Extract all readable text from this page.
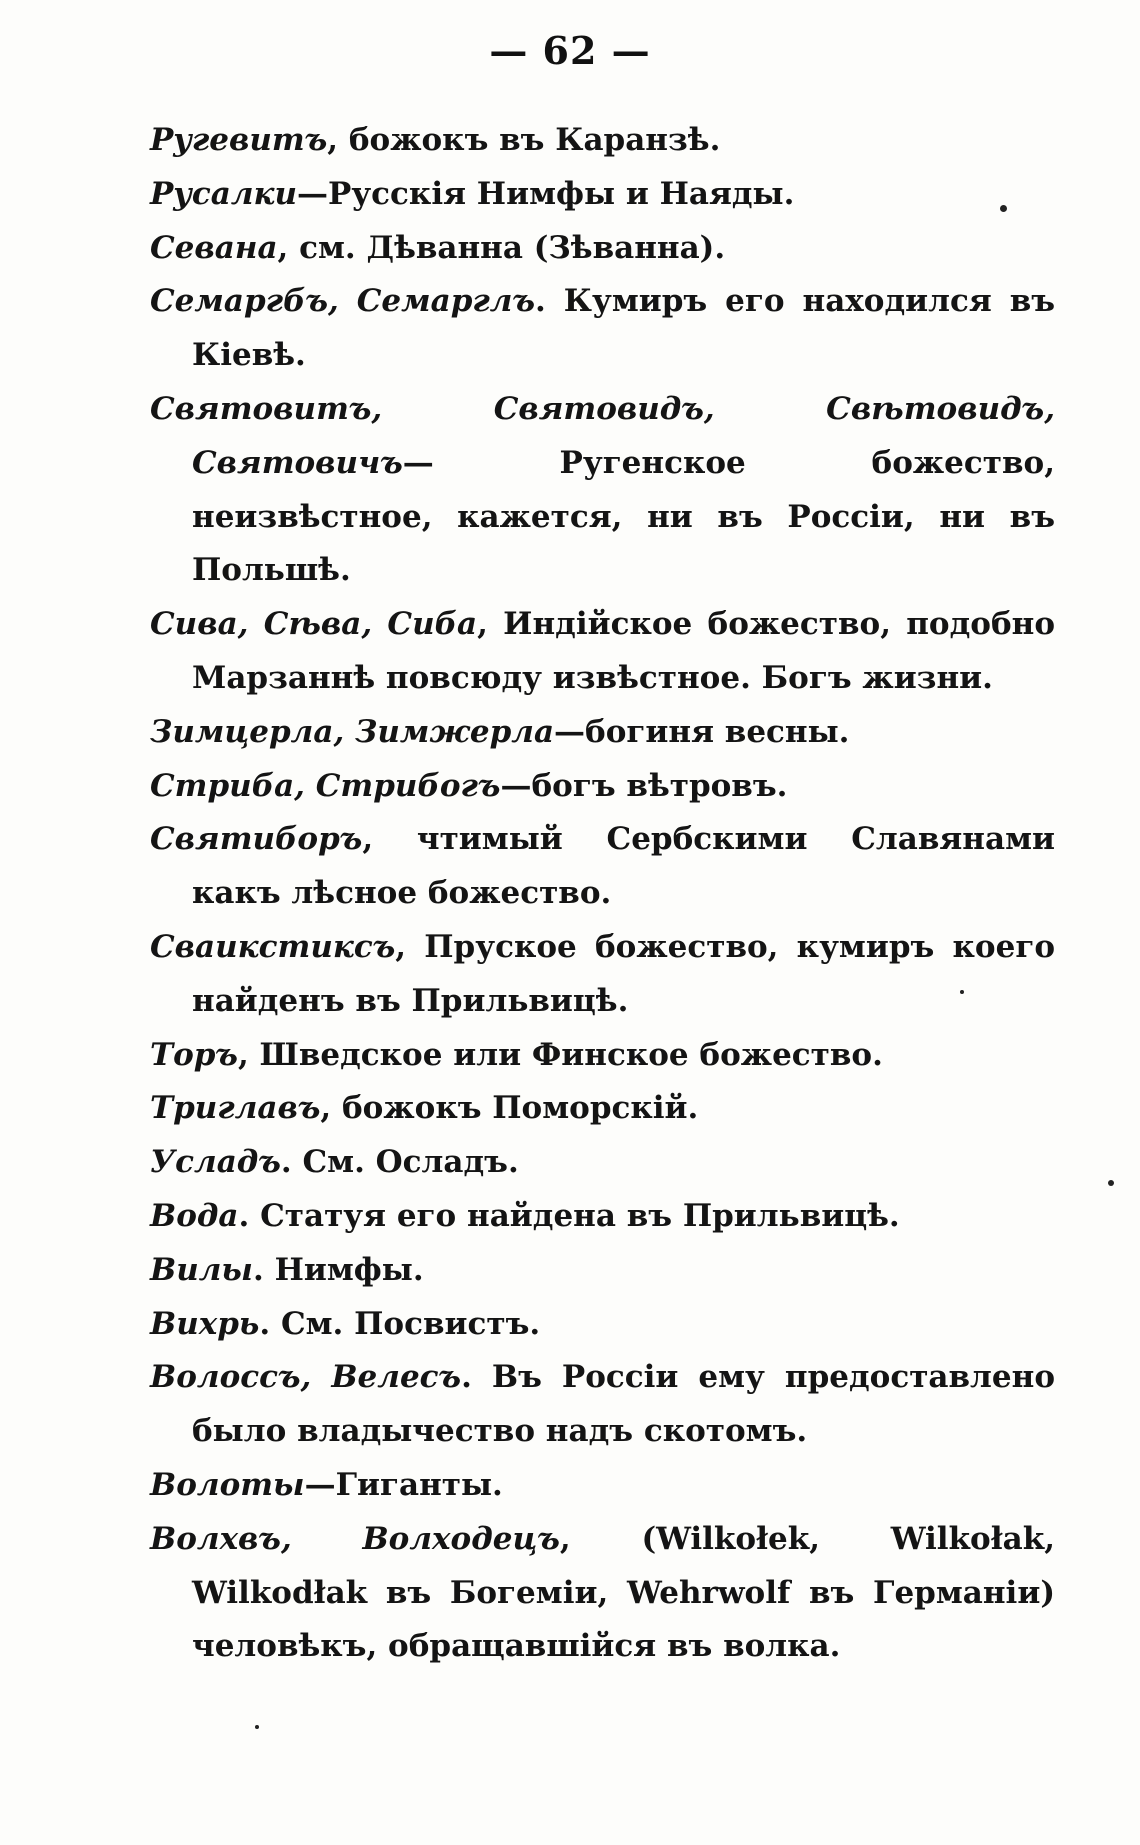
— 62 —

Ругевитъ, божокъ въ Каранзѣ.

Русалки—Русскія Нимфы и Наяды.

Севана, см. Дѣванна (Зѣванна).

Семаргбъ, Семарглъ. Кумиръ его находился въ Кіевѣ.

Святовитъ, Святовидъ, Свѣтовидъ, Святовичъ— Ругенское божество, неизвѣстное, кажется, ни въ Россіи, ни въ Польшѣ.

Сива, Сѣва, Сиба, Индійское божество, подобно Марзаннѣ повсюду извѣстное. Богъ жизни.

Зимцерла, Зимжерла—богиня весны.

Стриба, Стрибогъ—богъ вѣтровъ.

Святиборъ, чтимый Сербскими Славянами какъ лѣсное божество.

Сваикстиксъ, Пруское божество, кумиръ коего найденъ въ Прильвицѣ.

Торъ, Шведское или Финское божество.

Триглавъ, божокъ Поморскій.

Усладъ. См. Осладъ.

Вода. Статуя его найдена въ Прильвицѣ.

Вилы. Нимфы.

Вихрь. См. Посвистъ.

Волоссъ, Велесъ. Въ Россіи ему предоставлено было владычество надъ скотомъ.

Волоты—Гиганты.

Волхвъ, Волходецъ, (Wilkołek, Wilkołak, Wilkodłak въ Богеміи, Wehrwolf въ Германіи) человѣкъ, обращавшійся въ волка.
